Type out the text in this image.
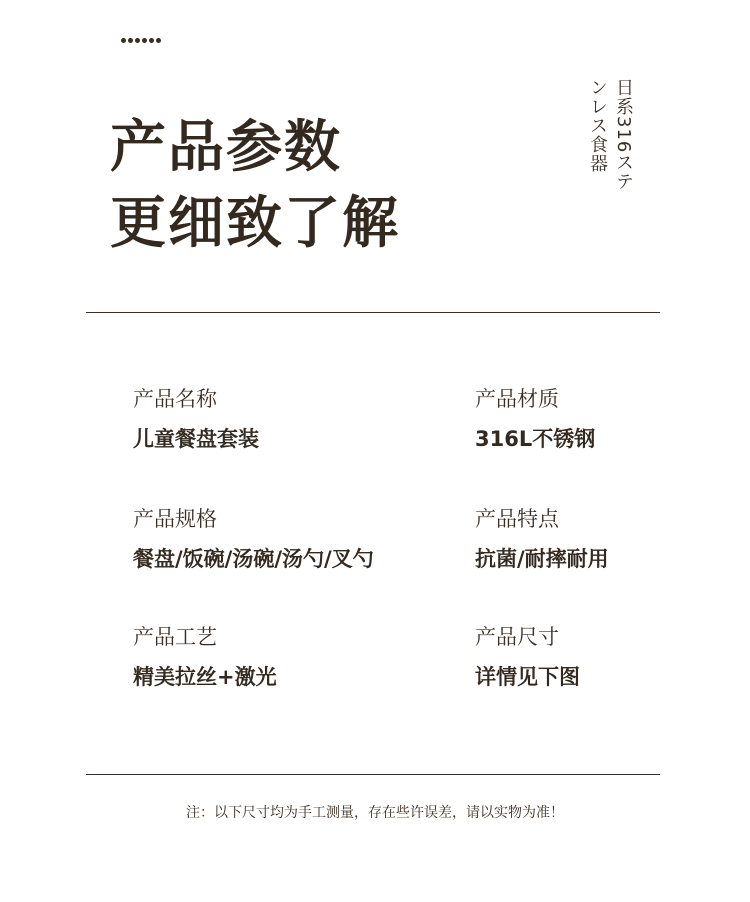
产品参数
更细致了解
日系316ステ
ンレス食器
产品名称
儿童餐盘套装
产品材质
316L不锈钢
产品规格
餐盘/饭碗/汤碗/汤勺/叉勺
产品特点
抗菌/耐摔耐用
产品工艺
精美拉丝+激光
产品尺寸
详情见下图
注：以下尺寸均为手工测量，存在些许误差，请以实物为准！
